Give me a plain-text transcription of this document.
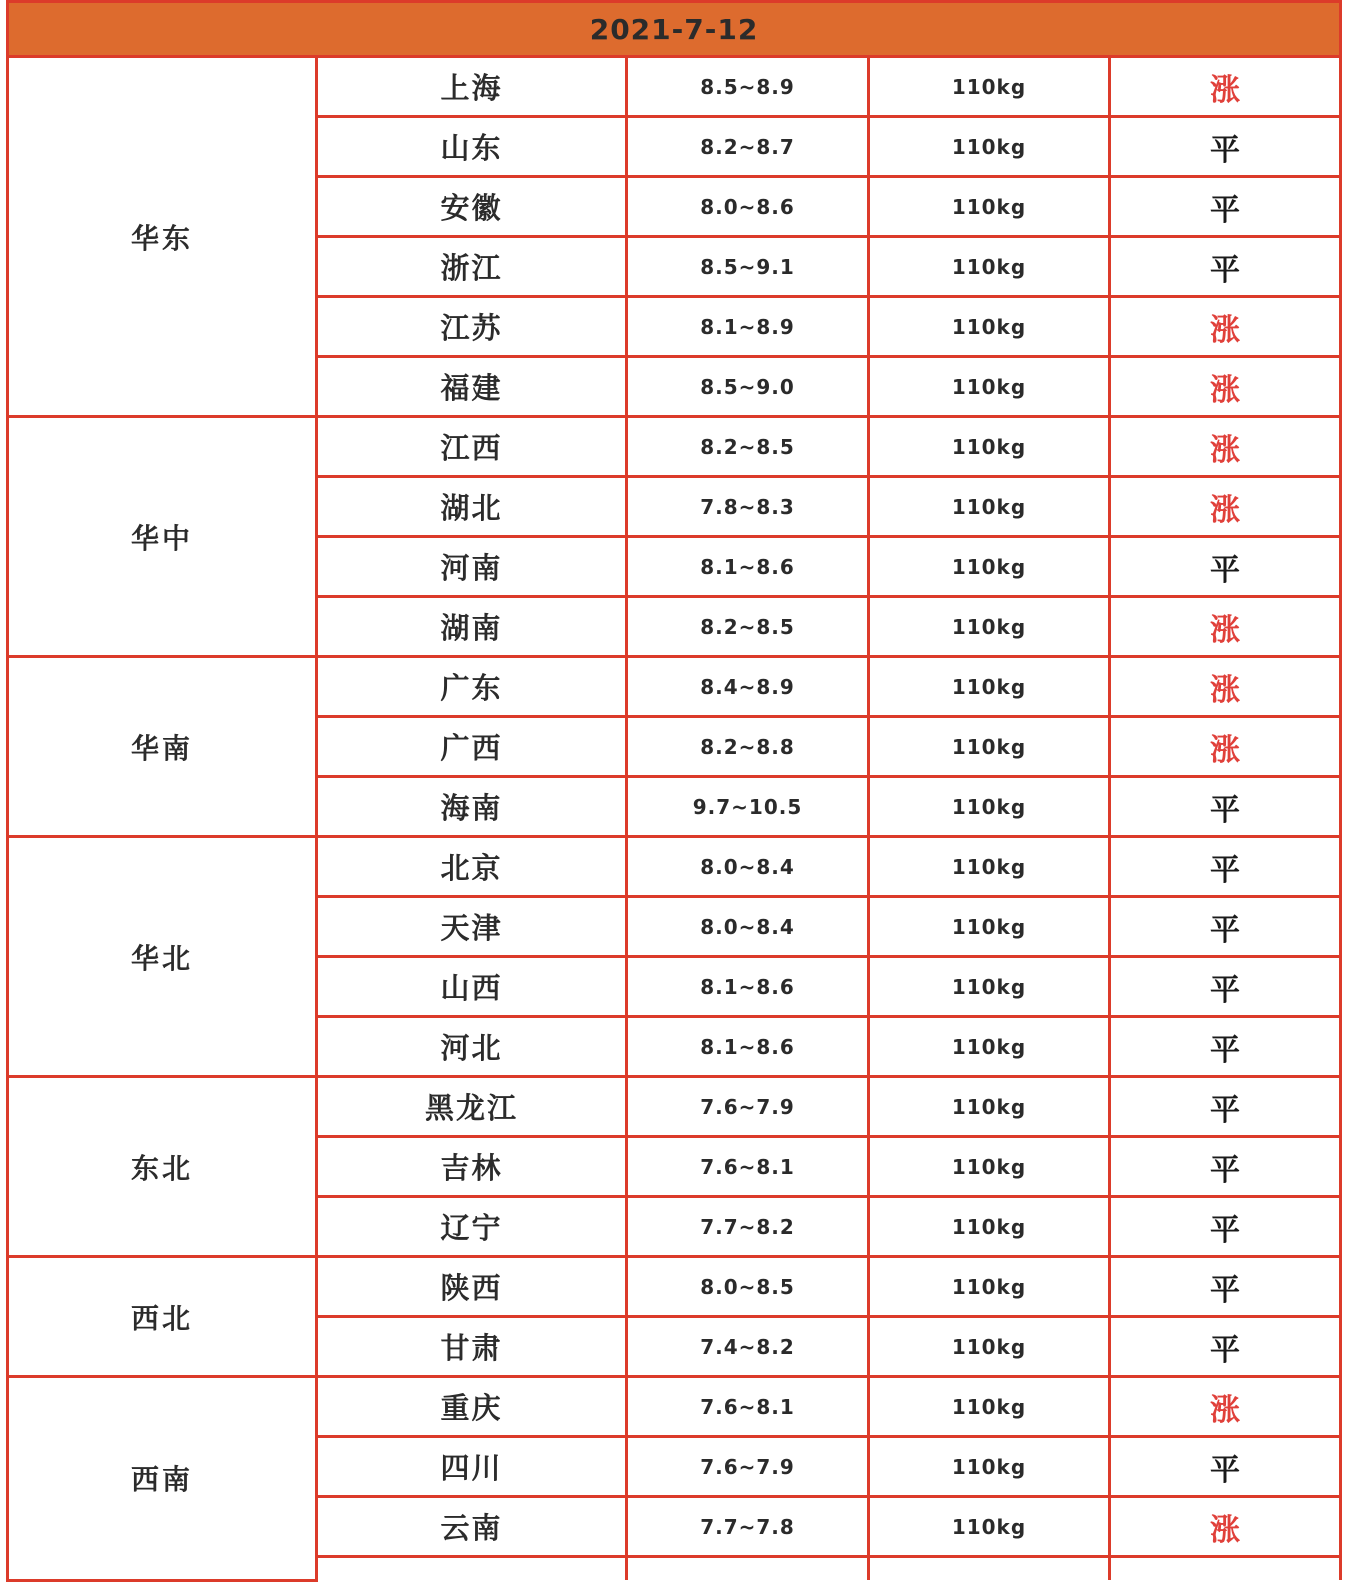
2021-7-12				
华东	上海	8.5~8.9	110kg	涨
	山东	8.2~8.7	110kg	平
	安徽	8.0~8.6	110kg	平
	浙江	8.5~9.1	110kg	平
	江苏	8.1~8.9	110kg	涨
	福建	8.5~9.0	110kg	涨
华中	江西	8.2~8.5	110kg	涨
	湖北	7.8~8.3	110kg	涨
	河南	8.1~8.6	110kg	平
	湖南	8.2~8.5	110kg	涨
华南	广东	8.4~8.9	110kg	涨
	广西	8.2~8.8	110kg	涨
	海南	9.7~10.5	110kg	平
华北	北京	8.0~8.4	110kg	平
	天津	8.0~8.4	110kg	平
	山西	8.1~8.6	110kg	平
	河北	8.1~8.6	110kg	平
东北	黑龙江	7.6~7.9	110kg	平
	吉林	7.6~8.1	110kg	平
	辽宁	7.7~8.2	110kg	平
西北	陕西	8.0~8.5	110kg	平
	甘肃	7.4~8.2	110kg	平
西南	重庆	7.6~8.1	110kg	涨
	四川	7.6~7.9	110kg	平
	云南	7.7~7.8	110kg	涨
